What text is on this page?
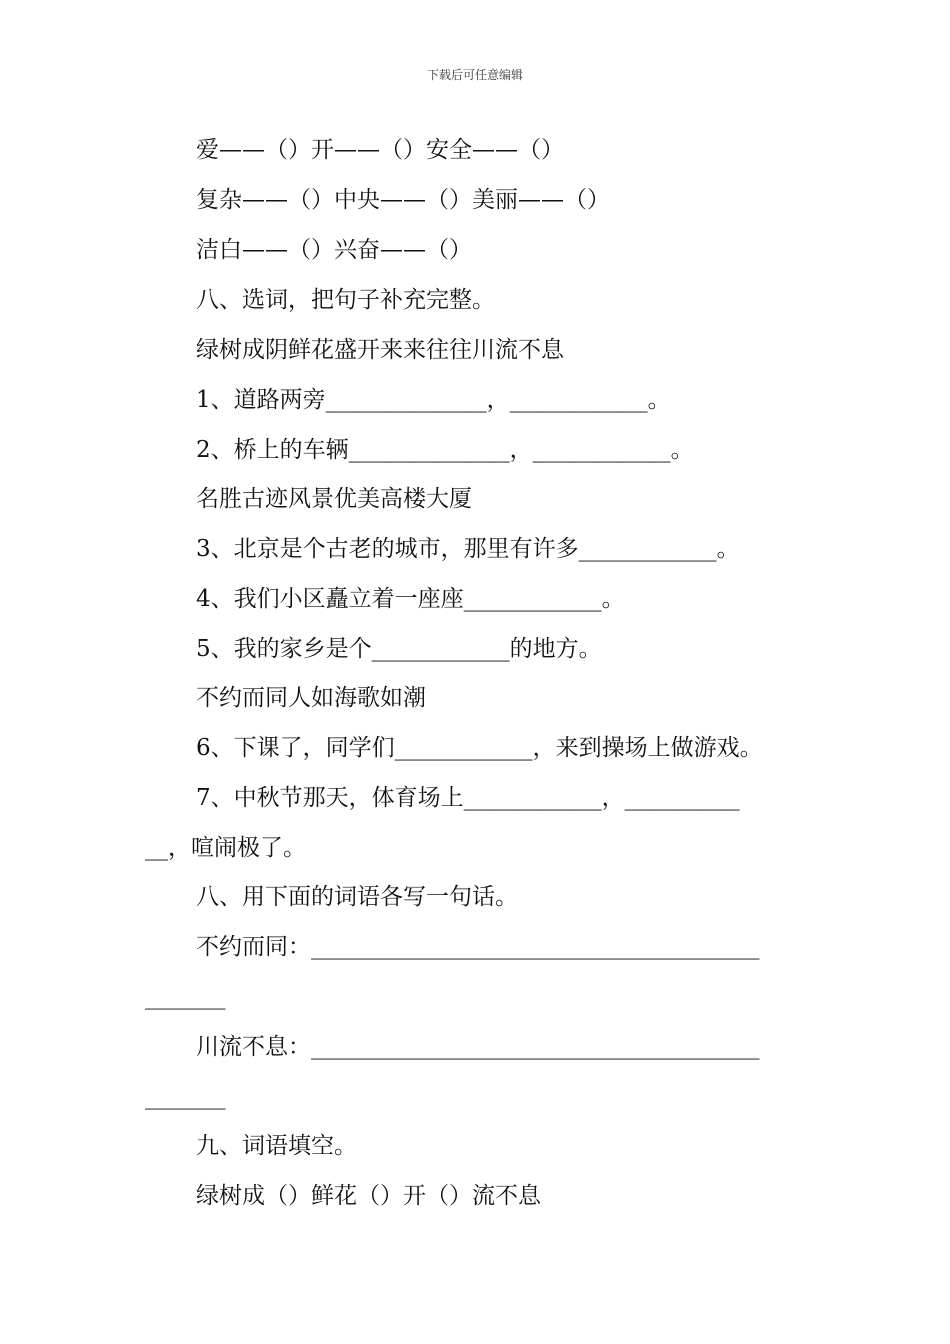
下载后可任意编辑
爱——（）开——（）安全——（）
复杂——（）中央——（）美丽——（）
洁白——（）兴奋——（）
八、选词，把句子补充完整。
绿树成阴鲜花盛开来来往往川流不息
1、道路两旁______________，____________。
2、桥上的车辆______________，____________。
名胜古迹风景优美高楼大厦
3、北京是个古老的城市，那里有许多____________。
4、我们小区矗立着一座座____________。
5、我的家乡是个____________的地方。
不约而同人如海歌如潮
6、下课了，同学们____________，来到操场上做游戏。
7、中秋节那天，体育场上____________，__________
__，喧闹极了。
八、用下面的词语各写一句话。
不约而同：_______________________________________
_______
川流不息：_______________________________________
_______
九、词语填空。
绿树成（）鲜花（）开（）流不息
